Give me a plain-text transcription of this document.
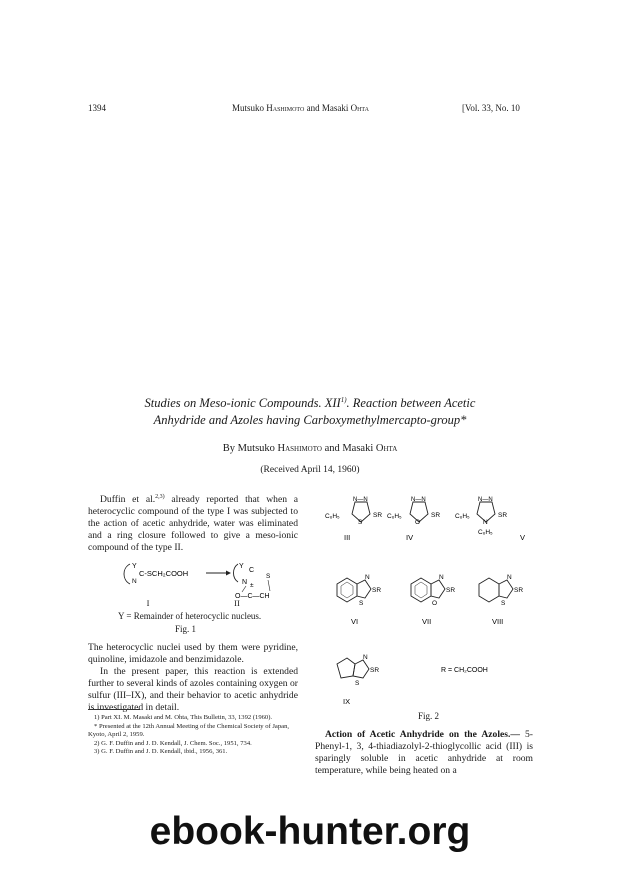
1394	Mutsuko Hashimoto and Masaki Ohta	[Vol. 33, No. 10
Studies on Meso-ionic Compounds. XII$^{1)}$. Reaction between Acetic
Anhydride and Azoles having Carboxymethylmercapto-group*
By Mutsuko Hashimoto and Masaki Ohta
(Received April 14, 1960)
Duffin et al.$^{2,3)}$ already reported that when a heterocyclic compound of the type I was subjected to the action of acetic anhydride, water was eliminated and a ring closure followed to give a meso-ionic compound of the type II.
Y
N
C-SCH₂COOH
Y
C
S
N ±
O—C—CH
I	II
Y = Remainder of heterocyclic nucleus.
Fig. 1
The heterocyclic nuclei used by them were pyridine, quinoline, imidazole and benzimidazole.
In the present paper, this reaction is extended further to several kinds of azoles containing oxygen or sulfur (III–IX), and their behavior to acetic anhydride is investigated in detail.
1) Part XI. M. Masaki and M. Ohta, This Bulletin, 33, 1392 (1960).
* Presented at the 12th Annual Meeting of the Chemical Society of Japan, Kyoto, April 2, 1959.
2) G. F. Duffin and J. D. Kendall, J. Chem. Soc., 1951, 734.
3) G. F. Duffin and J. D. Kendall, ibid., 1956, 361.
N—N
S
C₆H₅	SR
III
N—N
O
C₆H₅	SR
IV
N—N
N
C₆H₅	SR
C₆H₅
V
N
S
SR
VI
N
O
SR
VII
N
S
SR
VIII
N
S
SR
IX
R = CH₂COOH
Fig. 2
Action of Acetic Anhydride on the Azoles.— 5-Phenyl-1, 3, 4-thiadiazolyl-2-thioglycollic acid (III) is sparingly soluble in acetic anhydride at room temperature, while being heated on a
ebook-hunter.org
